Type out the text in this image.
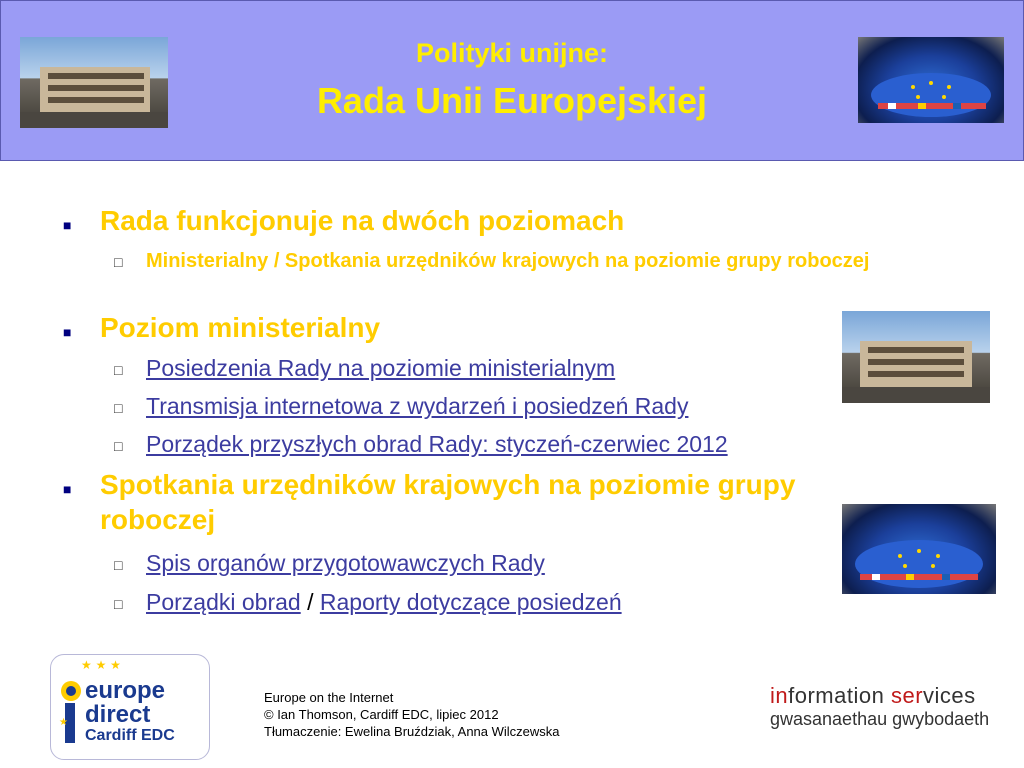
Polityki unijne:
Rada Unii Europejskiej
■ Rada funkcjonuje na dwóch poziomach
□ Ministerialny / Spotkania urzędników krajowych na poziomie grupy roboczej
■ Poziom ministerialny
□ Posiedzenia Rady na poziomie ministerialnym
□ Transmisja internetowa z wydarzeń i posiedzeń Rady
□ Porządek przyszłych obrad Rady: styczeń-czerwiec 2012
■ Spotkania urzędników krajowych na poziomie grupy
roboczej
□ Spis organów przygotowawczych Rady
□ Porządki obrad / Raporty dotyczące posiedzeń
★ ★ ★
★
europe
direct
Cardiff EDC
Europe on the Internet
© Ian Thomson, Cardiff EDC, lipiec 2012
Tłumaczenie: Ewelina Bruździak, Anna Wilczewska
information services
gwasanaethau gwybodaeth
